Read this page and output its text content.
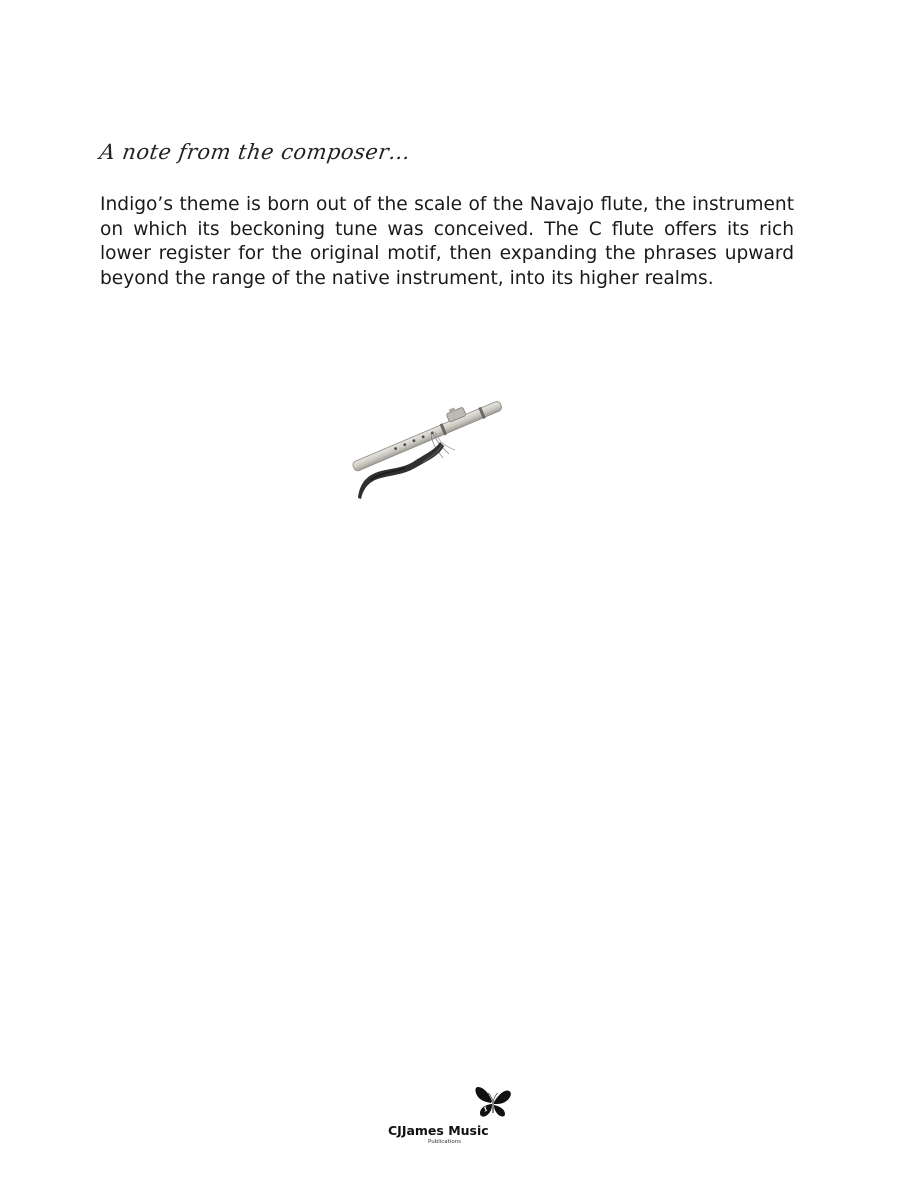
A note from the composer…
Indigo’s theme is born out of the scale of the Navajo flute, the instrument on which its beckoning tune was conceived. The C flute offers its rich lower register for the original motif, then expanding the phrases upward beyond the range of the native instrument, into its higher realms.
CJJames Music
Publications
